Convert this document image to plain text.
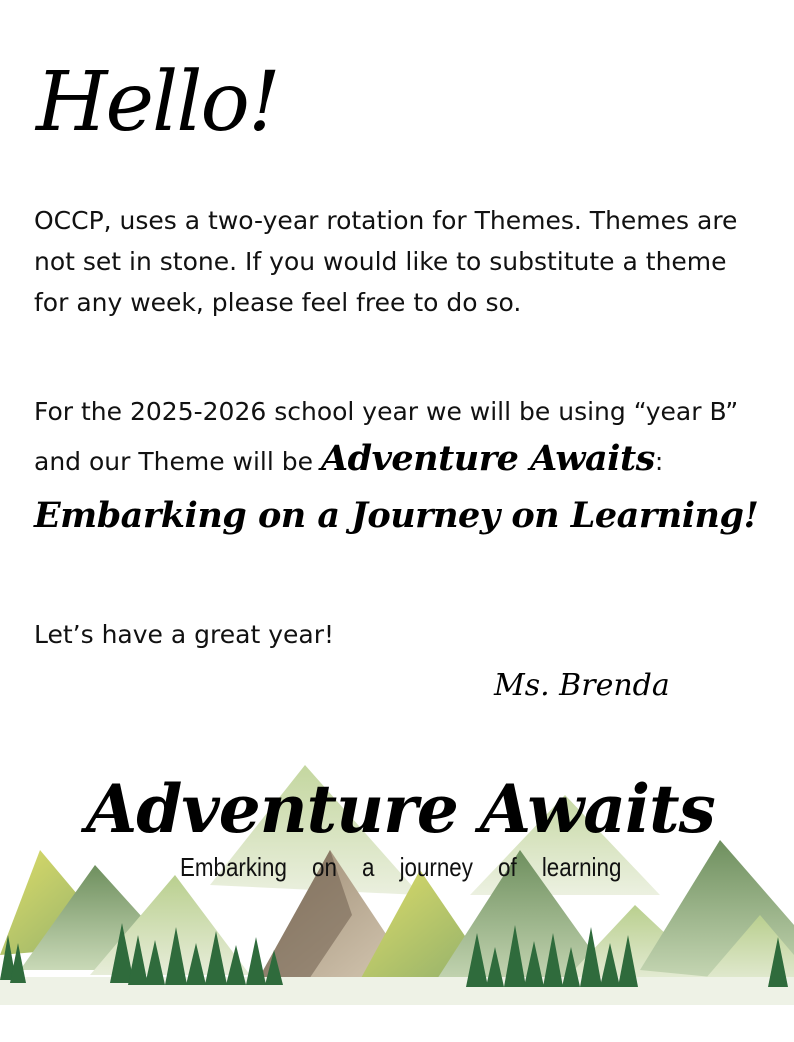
Hello!

OCCP, uses a two-year rotation for Themes. Themes are not set in stone. If you would like to substitute a theme for any week, please feel free to do so.

For the 2025-2026 school year we will be using “year B” and our Theme will be Adventure Awaits:

Embarking on a Journey on Learning!

Let’s have a great year!

Ms. Brenda

Adventure Awaits

Embarking on a journey of learning
